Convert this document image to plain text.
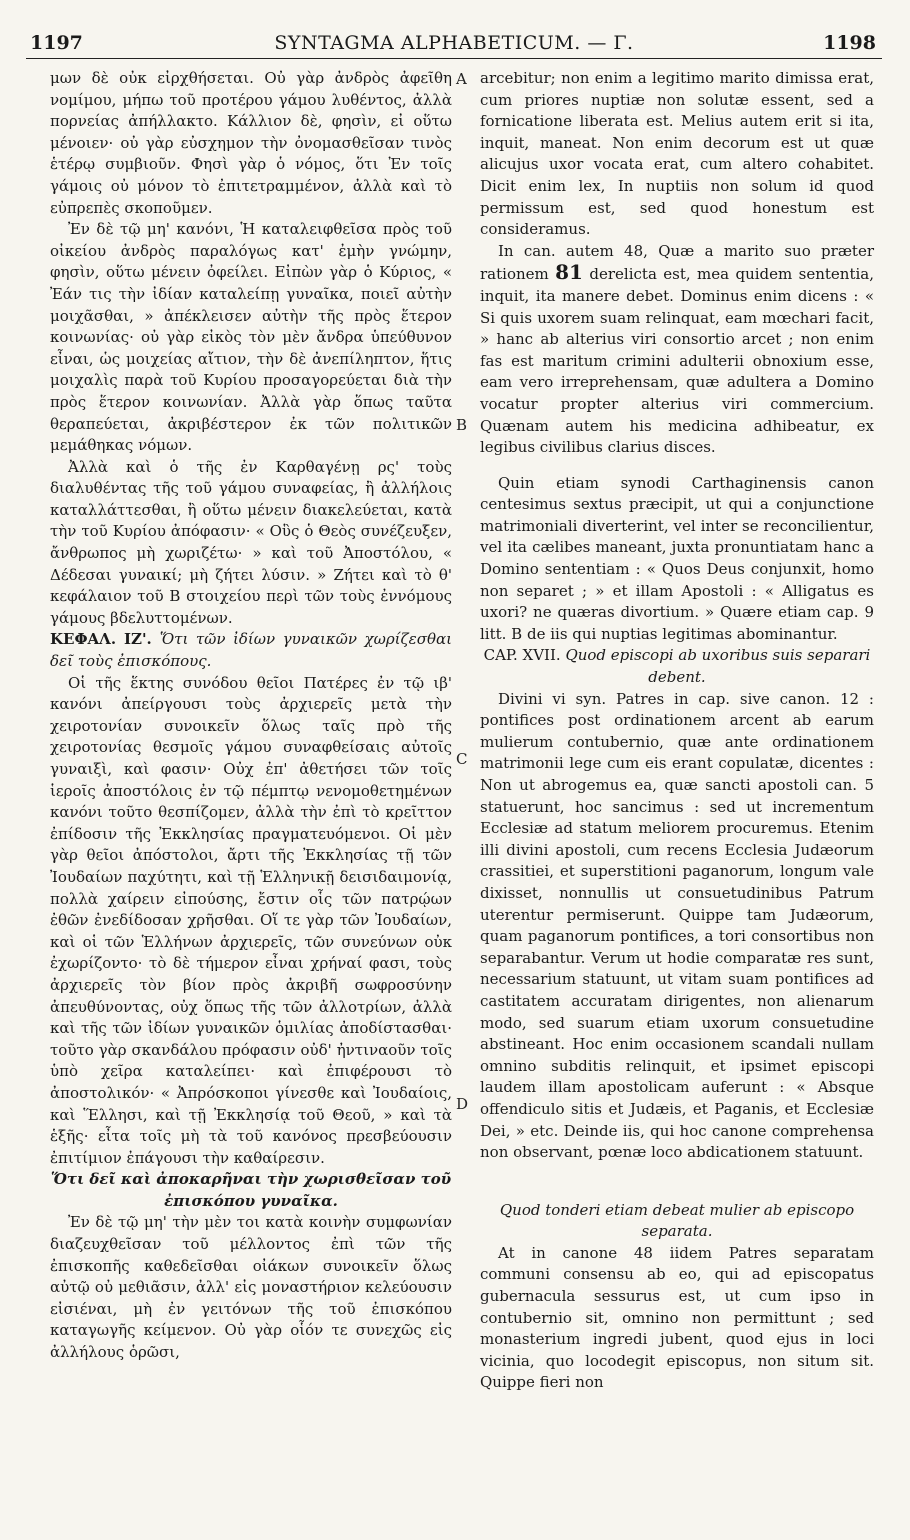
1197	SYNTAGMA ALPHABETICUM. — Γ.	1198
A
B
C
D

μων δὲ οὐκ εἰρχθήσεται. Οὐ γὰρ ἀνδρὸς ἀφεῖθη νομίμου, μήπω τοῦ προτέρου γάμου λυθέντος, ἀλλὰ πορνείας ἀπήλλακτο. Κάλλιον δὲ, φησὶν, εἰ οὕτω μένοιεν· οὐ γὰρ εὐσχημον τὴν ὀνομασθεῖσαν τινὸς ἑτέρῳ συμβιοῦν. Φησὶ γὰρ ὁ νόμος, ὅτι Ἐν τοῖς γάμοις οὐ μόνον τὸ ἐπιτετραμμένον, ἀλλὰ καὶ τὸ εὐπρεπὲς σκοποῦμεν.

Ἐν δὲ τῷ μη' κανόνι, Ἡ καταλειφθεῖσα πρὸς τοῦ οἰκείου ἀνδρὸς παραλόγως κατ' ἐμὴν γνώμην, φησὶν, οὕτω μένειν ὀφείλει. Εἰπὼν γὰρ ὁ Κύριος, « Ἐάν τις τὴν ἰδίαν καταλείπῃ γυναῖκα, ποιεῖ αὐτὴν μοιχᾶσθαι, » ἀπέκλεισεν αὐτὴν τῆς πρὸς ἕτερον κοινωνίας· οὐ γὰρ εἰκὸς τὸν μὲν ἄνδρα ὑπεύθυνον εἶναι, ὡς μοιχείας αἴτιον, τὴν δὲ ἀνεπίληπτον, ἥτις μοιχαλὶς παρὰ τοῦ Κυρίου προσαγορεύεται διὰ τὴν πρὸς ἕτερον κοινωνίαν. Ἀλλὰ γὰρ ὅπως ταῦτα θεραπεύεται, ἀκριβέστερον ἐκ τῶν πολιτικῶν μεμάθηκας νόμων.

Ἀλλὰ καὶ ὁ τῆς ἐν Καρθαγένῃ ρς' τοὺς διαλυθέντας τῆς τοῦ γάμου συναφείας, ἢ ἀλλήλοις καταλλάττεσθαι, ἢ οὕτω μένειν διακελεύεται, κατὰ τὴν τοῦ Κυρίου ἀπόφασιν· « Οὓς ὁ Θεὸς συνέζευξεν, ἄνθρωπος μὴ χωριζέτω· » καὶ τοῦ Ἀποστόλου, « Δέδεσαι γυναικί; μὴ ζήτει λύσιν. » Ζήτει καὶ τὸ θ' κεφάλαιον τοῦ Β στοιχείου περὶ τῶν τοὺς ἐννόμους γάμους βδελυττομένων.

ΚΕΦΑΛ. ΙΖ'. Ὅτι τῶν ἰδίων γυναικῶν χωρίζεσθαι δεῖ τοὺς ἐπισκόπους.

Οἱ τῆς ἕκτης συνόδου θεῖοι Πατέρες ἐν τῷ ιβ' κανόνι ἀπείργουσι τοὺς ἀρχιερεῖς μετὰ τὴν χειροτονίαν συνοικεῖν ὅλως ταῖς πρὸ τῆς χειροτονίας θεσμοῖς γάμου συναφθείσαις αὐτοῖς γυναιξὶ, καὶ φασιν· Οὐχ ἐπ' ἀθετήσει τῶν τοῖς ἱεροῖς ἀποστόλοις ἐν τῷ πέμπτῳ νενομοθετημένων κανόνι τοῦτο θεσπίζομεν, ἀλλὰ τὴν ἐπὶ τὸ κρεῖττον ἐπίδοσιν τῆς Ἐκκλησίας πραγματευόμενοι. Οἱ μὲν γὰρ θεῖοι ἀπόστολοι, ἄρτι τῆς Ἐκκλησίας τῇ τῶν Ἰουδαίων παχύτητι, καὶ τῇ Ἑλληνικῇ δεισιδαιμονίᾳ, πολλὰ χαίρειν εἰπούσης, ἔστιν οἷς τῶν πατρῴων ἐθῶν ἐνεδίδοσαν χρῆσθαι. Οἵ τε γὰρ τῶν Ἰουδαίων, καὶ οἱ τῶν Ἑλλήνων ἀρχιερεῖς, τῶν συνεύνων οὐκ ἐχωρίζοντο· τὸ δὲ τήμερον εἶναι χρήναί φασι, τοὺς ἀρχιερεῖς τὸν βίον πρὸς ἀκριβῆ σωφροσύνην ἀπευθύνοντας, οὐχ ὅπως τῆς τῶν ἀλλοτρίων, ἀλλὰ καὶ τῆς τῶν ἰδίων γυναικῶν ὁμιλίας ἀποδίστασθαι· τοῦτο γὰρ σκανδάλου πρόφασιν οὐδ' ἠντιναοῦν τοῖς ὑπὸ χεῖρα καταλείπει· καὶ ἐπιφέρουσι τὸ ἀποστολικόν· « Ἀπρόσκοποι γίνεσθε καὶ Ἰουδαίοις, καὶ Ἕλλησι, καὶ τῇ Ἐκκλησίᾳ τοῦ Θεοῦ, » καὶ τὰ ἑξῆς· εἶτα τοῖς μὴ τὰ τοῦ κανόνος πρεσβεύουσιν ἐπιτίμιον ἐπάγουσι τὴν καθαίρεσιν.

Ὅτι δεῖ καὶ ἀποκαρῆναι τὴν χωρισθεῖσαν τοῦ ἐπισκόπου γυναῖκα.

Ἐν δὲ τῷ μη' τὴν μὲν τοι κατὰ κοινὴν συμφωνίαν διαζευχθεῖσαν τοῦ μέλλοντος ἐπὶ τῶν τῆς ἐπισκοπῆς καθεδεῖσθαι οἰάκων συνοικεῖν ὅλως αὐτῷ οὐ μεθιᾶσιν, ἀλλ' εἰς μοναστήριον κελεύουσιν εἰσιέναι, μὴ ἐν γειτόνων τῆς τοῦ ἐπισκόπου καταγωγῆς κείμενον. Οὐ γὰρ οἷόν τε συνεχῶς εἰς ἀλλήλους ὁρῶσι,

arcebitur; non enim a legitimo marito dimissa erat, cum priores nuptiæ non solutæ essent, sed a fornicatione liberata est. Melius autem erit si ita, inquit, maneat. Non enim decorum est ut quæ alicujus uxor vocata erat, cum altero cohabitet. Dicit enim lex, In nuptiis non solum id quod permissum est, sed quod honestum est consideramus.

In can. autem 48, Quæ a marito suo præter rationem 81 derelicta est, mea quidem sententia, inquit, ita manere debet. Dominus enim dicens : « Si quis uxorem suam relinquat, eam mœchari facit, » hanc ab alterius viri consortio arcet ; non enim fas est maritum crimini adulterii obnoxium esse, eam vero irreprehensam, quæ adultera a Domino vocatur propter alterius viri commercium. Quænam autem his medicina adhibeatur, ex legibus civilibus clarius disces.

Quin etiam synodi Carthaginensis canon centesimus sextus præcipit, ut qui a conjunctione matrimoniali diverterint, vel inter se reconcilientur, vel ita cælibes maneant, juxta pronuntiatam hanc a Domino sententiam : « Quos Deus conjunxit, homo non separet ; » et illam Apostoli : « Alligatus es uxori? ne quæras divortium. » Quære etiam cap. 9 litt. B de iis qui nuptias legitimas abominantur.

CAP. XVII. Quod episcopi ab uxoribus suis separari debent.

Divini vi syn. Patres in cap. sive canon. 12 : pontifices post ordinationem arcent ab earum mulierum contubernio, quæ ante ordinationem matrimonii lege cum eis erant copulatæ, dicentes : Non ut abrogemus ea, quæ sancti apostoli can. 5 statuerunt, hoc sancimus : sed ut incrementum Ecclesiæ ad statum meliorem procuremus. Etenim illi divini apostoli, cum recens Ecclesia Judæorum crassitiei, et superstitioni paganorum, longum vale dixisset, nonnullis ut consuetudinibus Patrum uterentur permiserunt. Quippe tam Judæorum, quam paganorum pontifices, a tori consortibus non separabantur. Verum ut hodie comparatæ res sunt, necessarium statuunt, ut vitam suam pontifices ad castitatem accuratam dirigentes, non alienarum modo, sed suarum etiam uxorum consuetudine abstineant. Hoc enim occasionem scandali nullam omnino subditis relinquit, et ipsimet episcopi laudem illam apostolicam auferunt : « Absque offendiculo sitis et Judæis, et Paganis, et Ecclesiæ Dei, » etc. Deinde iis, qui hoc canone comprehensa non observant, pœnæ loco abdicationem statuunt.

Quod tonderi etiam debeat mulier ab episcopo separata.

At in canone 48 iidem Patres separatam communi consensu ab eo, qui ad episcopatus gubernacula sessurus est, ut cum ipso in contubernio sit, omnino non permittunt ; sed monasterium ingredi jubent, quod ejus in loci vicinia, quo locodegit episcopus, non situm sit. Quippe fieri non
